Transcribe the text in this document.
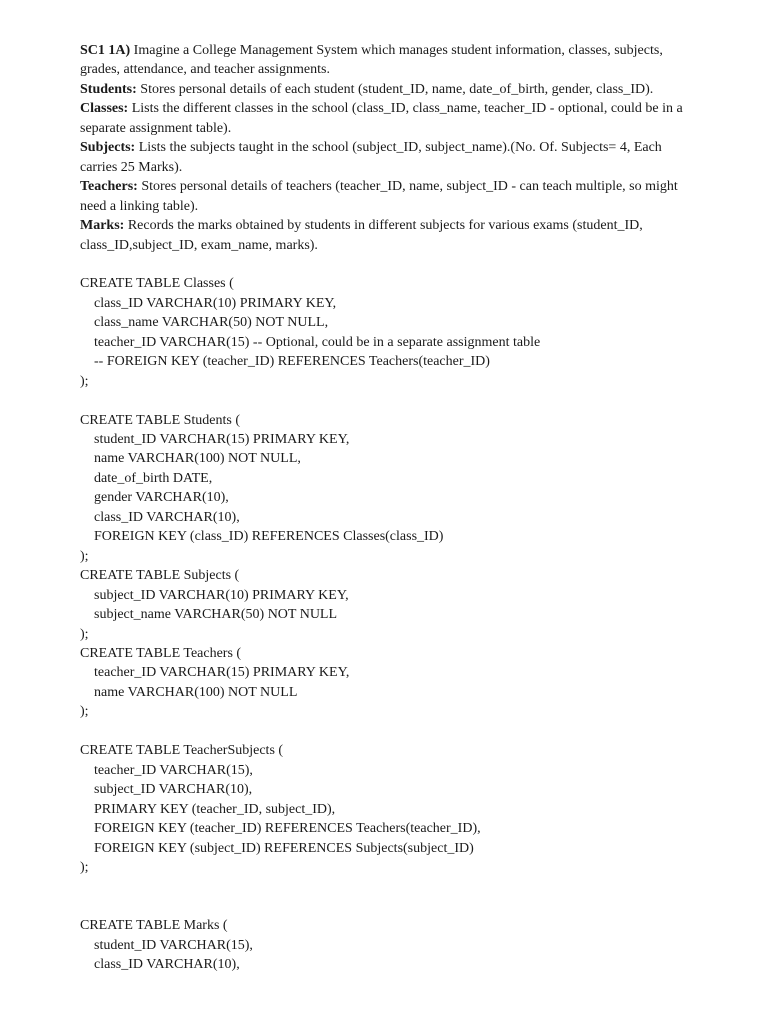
SC1 1A) Imagine a College Management System which manages student information, classes, subjects, grades, attendance, and teacher assignments.

Students: Stores personal details of each student (student_ID, name, date_of_birth, gender, class_ID).

Classes: Lists the different classes in the school (class_ID, class_name, teacher_ID - optional, could be in a separate assignment table).

Subjects: Lists the subjects taught in the school (subject_ID, subject_name).(No. Of. Subjects= 4, Each carries 25 Marks).

Teachers: Stores personal details of teachers (teacher_ID, name, subject_ID - can teach multiple, so might need a linking table).

Marks: Records the marks obtained by students in different subjects for various exams (student_ID, class_ID,subject_ID, exam_name, marks).

CREATE TABLE Classes (
class_ID VARCHAR(10) PRIMARY KEY,
class_name VARCHAR(50) NOT NULL,
teacher_ID VARCHAR(15) -- Optional, could be in a separate assignment table
-- FOREIGN KEY (teacher_ID) REFERENCES Teachers(teacher_ID)
);
CREATE TABLE Students (
student_ID VARCHAR(15) PRIMARY KEY,
name VARCHAR(100) NOT NULL,
date_of_birth DATE,
gender VARCHAR(10),
class_ID VARCHAR(10),
FOREIGN KEY (class_ID) REFERENCES Classes(class_ID)
);
CREATE TABLE Subjects (
subject_ID VARCHAR(10) PRIMARY KEY,
subject_name VARCHAR(50) NOT NULL
);
CREATE TABLE Teachers (
teacher_ID VARCHAR(15) PRIMARY KEY,
name VARCHAR(100) NOT NULL
);
CREATE TABLE TeacherSubjects (
teacher_ID VARCHAR(15),
subject_ID VARCHAR(10),
PRIMARY KEY (teacher_ID, subject_ID),
FOREIGN KEY (teacher_ID) REFERENCES Teachers(teacher_ID),
FOREIGN KEY (subject_ID) REFERENCES Subjects(subject_ID)
);
CREATE TABLE Marks (
student_ID VARCHAR(15),
class_ID VARCHAR(10),
